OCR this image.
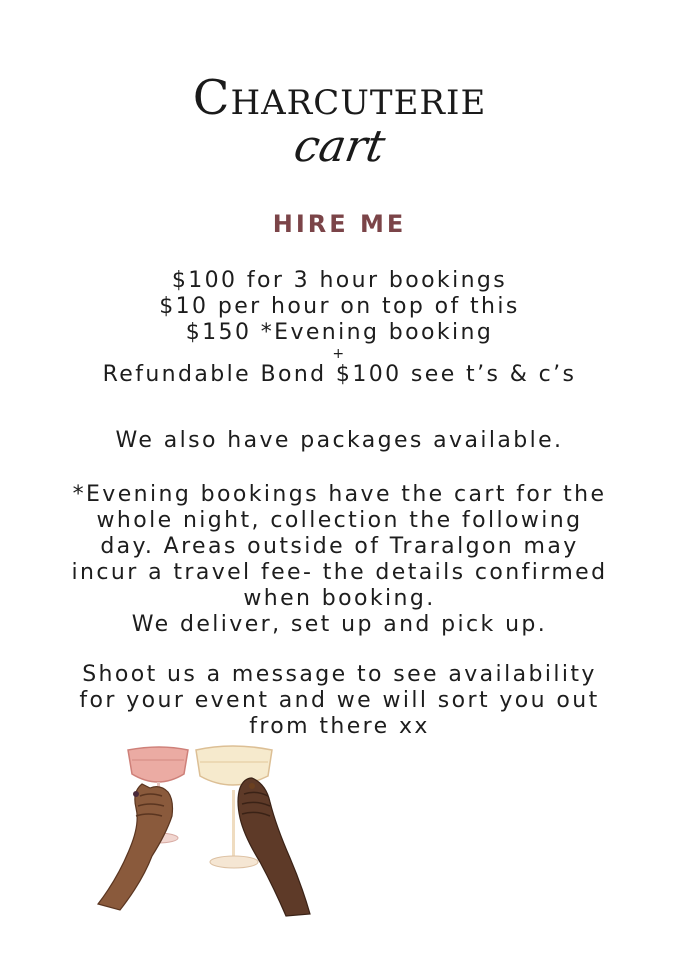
Charcuterie
cart
HIRE ME

$100 for 3 hour bookings

$10 per hour on top of this

$150 *Evening booking

+

Refundable Bond $100 see t’s & c’s

We also have packages available.

*Evening bookings have the cart for the

whole night, collection the following

day. Areas outside of Traralgon may

incur a travel fee- the details confirmed

when booking.

We deliver, set up and pick up.

Shoot us a message to see availability

for your event and we will sort you out

from there xx
